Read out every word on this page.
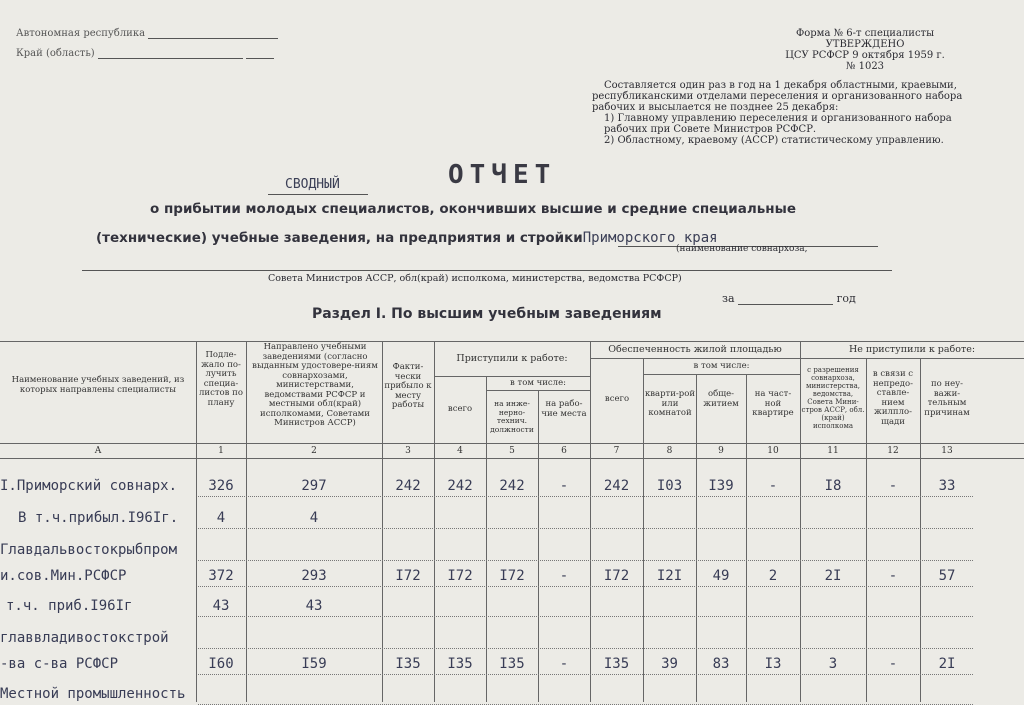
Автономная республика
Край (область)
Форма № 6-т специалисты
УТВЕРЖДЕНО
ЦСУ РСФСР 9 октября 1959 г.
№ 1023
Составляется один раз в год на 1 декабря областными, краевыми, республиканскими отделами переселения и организованного набора рабочих и высылается не позднее 25 декабря:
1) Главному управлению переселения и организованного набора рабочих при Совете Министров РСФСР.
2) Областному, краевому (АССР) статистическому управлению.
СВОДНЫЙ	ОТЧЕТ
о прибытии молодых специалистов, окончивших высшие и средние специальные
(технические) учебные заведения, на предприятия и стройкиПриморского края
(наименование совнархоза,
Совета Министров АССР, обл(край) исполкома, министерства, ведомства РСФСР)
за	год
Раздел I. По высшим учебным заведениям
Наименование учебных заведений, из которых направлены специалисты
Подле-жало по-лучить специа-листов по плану
Направлено учебными заведениями (согласно выданным удостовере-ниям совнархозами, министерствами, ведомствами РСФСР и местными обл(край) исполкомами, Советами Министров АССР)
Факти-чески прибыло к месту работы
Приступили к работе:
всего
в том числе:
на инже-нерно-технич. должности
на рабо-чие места
Обеспеченность жилой площадью
всего
в том числе:
кварти-рой или комнатой
обще-житием
на част-ной квартире
Не приступили к работе:
с разрешения совнархоза, министерства, ведомства, Совета Мини-стров АССР, обл.(край) исполкома
в связи с непредо-ставле-нием жилпло-щади
по неу-важи-тельным причинам
А	1	2	3	4	5	6	7	8	9	10	11	12	13
I.Приморский совнарх.	326	297	242	242	242	-	242	I03	I39	-	I8	-	33
В т.ч.прибыл.I96Iг.	4	4
Главдальвостокрыбпром
и.сов.Мин.РСФСР	372	293	I72	I72	I72	-	I72	I2I	49	2	2I	-	57
т.ч. приб.I96Iг	43	43
главвладивостокстрой
-ва с-ва РСФСР	I60	I59	I35	I35	I35	-	I35	39	83	I3	3	-	2I
Местной промышленность
